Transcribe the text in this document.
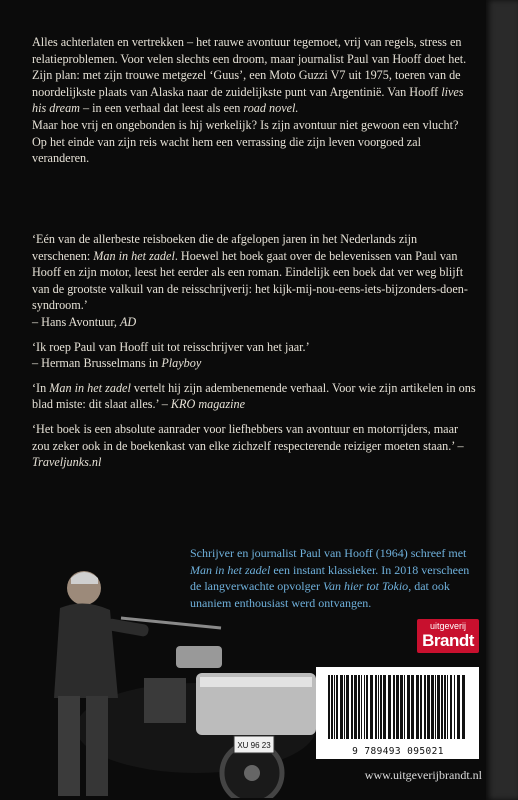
Alles achterlaten en vertrekken – het rauwe avontuur tegemoet, vrij van regels, stress en relatieproblemen. Voor velen slechts een droom, maar journalist Paul van Hooff doet het.

Zijn plan: met zijn trouwe metgezel ‘Guus’, een Moto Guzzi V7 uit 1975, toeren van de noordelijkste plaats van Alaska naar de zuidelijkste punt van Argentinië. Van Hooff lives his dream – in een verhaal dat leest als een road novel.

Maar hoe vrij en ongebonden is hij werkelijk? Is zijn avontuur niet gewoon een vlucht? Op het einde van zijn reis wacht hem een verrassing die zijn leven voorgoed zal veranderen.

‘Eén van de allerbeste reisboeken die de afgelopen jaren in het Nederlands zijn verschenen: Man in het zadel. Hoewel het boek gaat over de belevenissen van Paul van Hooff en zijn motor, leest het eerder als een roman. Eindelijk een boek dat ver weg blijft van de grootste valkuil van de reisschrijverij: het kijk-mij-nou-eens-iets-bijzonders-doen-syndroom.’

– Hans Avontuur, AD

‘Ik roep Paul van Hooff uit tot reisschrijver van het jaar.’

– Herman Brusselmans in Playboy

‘In Man in het zadel vertelt hij zijn adembenemende verhaal. Voor wie zijn artikelen in ons blad miste: dit slaat alles.’ – KRO magazine

‘Het boek is een absolute aanrader voor liefhebbers van avontuur en motorrijders, maar zou zeker ook in de boekenkast van elke zichzelf respecterende reiziger moeten staan.’ – Traveljunks.nl

XU 96 23
Schrijver en journalist Paul van Hooff (1964) schreef met Man in het zadel een instant klassieker. In 2018 verscheen de langverwachte opvolger Van hier tot Tokio, dat ook unaniem enthousiast werd ontvangen.
uitgeverij
Brandt
9 789493 095021
www.uitgeverijbrandt.nl
